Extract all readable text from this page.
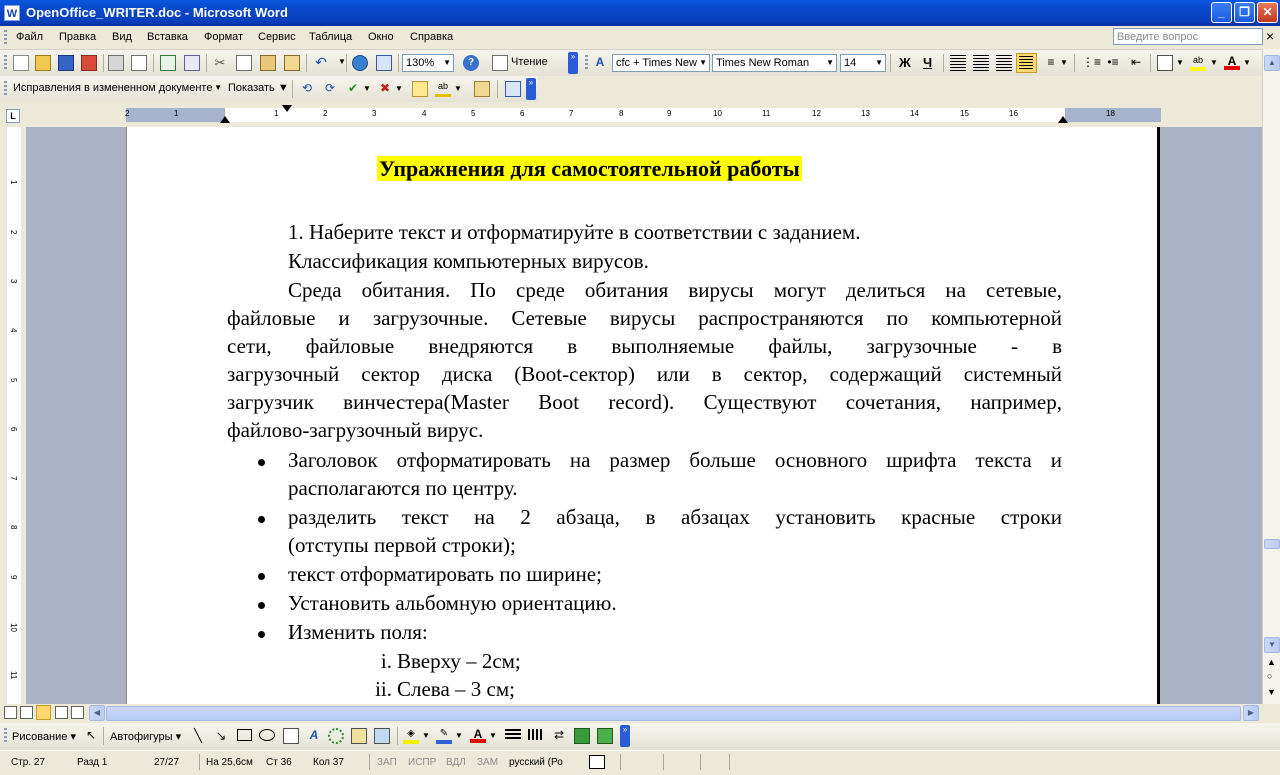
W OpenOffice_WRITER.doc - Microsoft Word	_	❐	✕
Файл Правка Вид Вставка Формат Сервис Таблица Окно Справка	×
Введите вопрос
✂	↶	▼	130% ▼	?	Чтение	»	A	cfc + Times New ▼ Times New Roman ▼ 14 ▼ Ж Ч	≡ ▼	⋮≡ •≡ ⇤	▼	ab ▼ A ▼
Исправления в измененном документе ▼ Показать ▼ ⟲ ⟳ ✔ ▼ ✖ ▼	ab ▼
»
L	2	1	1	2	3	4	5	6	7	8	9	10	11	12	13	14	15	16	18
1
2
3
4
5
6
7
8
9
10
11
Упражнения для самостоятельной работы
1. Наберите текст и отформатируйте в соответствии с заданием.
Классификация компьютерных вирусов.
Среда обитания. По среде обитания вирусы могут делиться на сетевые,
файловые и загрузочные. Сетевые вирусы распространяются по компьютерной
сети, файловые внедряются в выполняемые файлы, загрузочные - в
загрузочный сектор диска (Boot-сектор) или в сектор, содержащий системный
загрузчик винчестера(Master Boot record). Существуют сочетания, например,
файлово-загрузочный вирус.
Заголовок отформатировать на размер больше основного шрифта текста и
располагаются по центру.
разделить текст на 2 абзаца, в абзацах установить красные строки
(отступы первой строки);
текст отформатировать по ширине;
Установить альбомную ориентацию.
Изменить поля:
i. Вверху – 2см;
ii. Слева – 3 см;
▲
▼
▲
○
▼
◀	▶
Рисование ▾ ↖ Автофигуры ▾ ╲	↘	A	◈ ▼ ✎ ▼ A ▼	⇄	»
Стр. 27	Разд 1	27/27	На 25,6см Ст 36 Кол 37	ЗАП ИСПР ВДЛ ЗАМ русский (Ро
